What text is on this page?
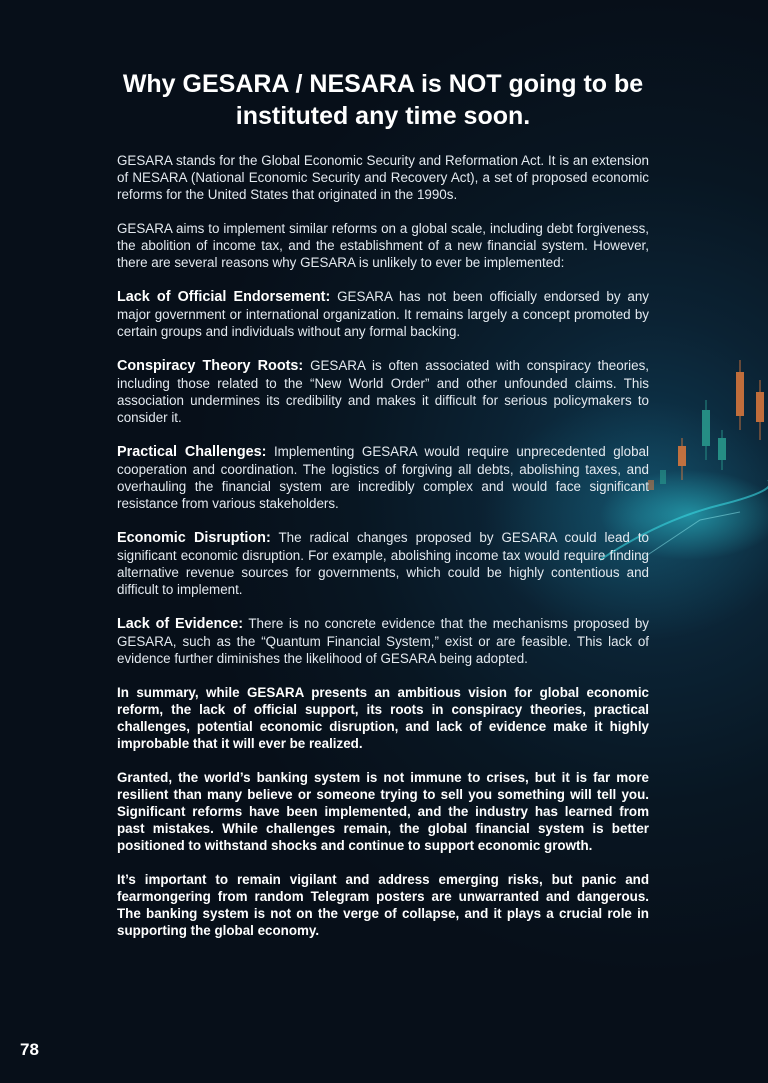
Why GESARA / NESARA is NOT going to be instituted any time soon.

GESARA stands for the Global Economic Security and Reformation Act. It is an extension of NESARA (National Economic Security and Recovery Act), a set of proposed economic reforms for the United States that originated in the 1990s.

GESARA aims to implement similar reforms on a global scale, including debt forgiveness, the abolition of income tax, and the establishment of a new financial system. However, there are several reasons why GESARA is unlikely to ever be implemented:

Lack of Official Endorsement: GESARA has not been officially endorsed by any major government or international organization. It remains largely a concept promoted by certain groups and individuals without any formal backing.

Conspiracy Theory Roots: GESARA is often associated with conspiracy theories, including those related to the “New World Order” and other unfounded claims. This association undermines its credibility and makes it difficult for serious policymakers to consider it.

Practical Challenges: Implementing GESARA would require unprecedented global cooperation and coordination. The logistics of forgiving all debts, abolishing taxes, and overhauling the financial system are incredibly complex and would face significant resistance from various stakeholders.

Economic Disruption: The radical changes proposed by GESARA could lead to significant economic disruption. For example, abolishing income tax would require finding alternative revenue sources for governments, which could be highly contentious and difficult to implement.

Lack of Evidence: There is no concrete evidence that the mechanisms proposed by GESARA, such as the “Quantum Financial System,” exist or are feasible. This lack of evidence further diminishes the likelihood of GESARA being adopted.

In summary, while GESARA presents an ambitious vision for global economic reform, the lack of official support, its roots in conspiracy theories, practical challenges, potential economic disruption, and lack of evidence make it highly improbable that it will ever be realized.

Granted, the world’s banking system is not immune to crises, but it is far more resilient than many believe or someone trying to sell you something will tell you. Significant reforms have been implemented, and the industry has learned from past mistakes. While challenges remain, the global financial system is better positioned to withstand shocks and continue to support economic growth.

It’s important to remain vigilant and address emerging risks, but panic and fearmongering from random Telegram posters are unwarranted and dangerous. The banking system is not on the verge of collapse, and it plays a crucial role in supporting the global economy.

78
